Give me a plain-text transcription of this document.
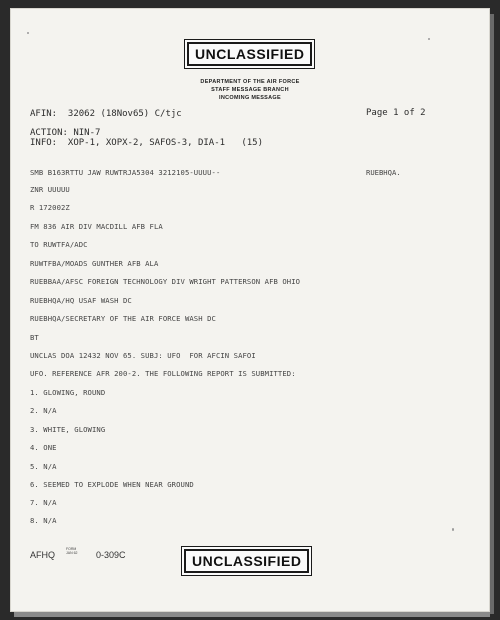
UNCLASSIFIED
DEPARTMENT OF THE AIR FORCE
STAFF MESSAGE BRANCH
INCOMING MESSAGE
AFIN:  32062 (18Nov65) C/tjc	Page 1 of 2
ACTION: NIN-7
INFO:  XOP-1, XOPX-2, SAFOS-3, DIA-1   (15)
RUEBHQA.
SMB B163RTTU JAW RUWTRJA5304 3212105-UUUU--
ZNR UUUUU
R 172002Z
FM 836 AIR DIV MACDILL AFB FLA
TO RUWTFA/ADC
RUWTFBA/MOADS GUNTHER AFB ALA
RUEBBAA/AFSC FOREIGN TECHNOLOGY DIV WRIGHT PATTERSON AFB OHIO
RUEBHQA/HQ USAF WASH DC
RUEBHQA/SECRETARY OF THE AIR FORCE WASH DC
BT
UNCLAS DOA 12432 NOV 65. SUBJ: UFO  FOR AFCIN SAFOI
UFO. REFERENCE AFR 200-2. THE FOLLOWING REPORT IS SUBMITTED:
1. GLOWING, ROUND
2. N/A
3. WHITE, GLOWING
4. ONE
5. N/A
6. SEEMED TO EXPLODE WHEN NEAR GROUND
7. N/A
8. N/A
AFHQ
FORM
JAN 62 0-309C	UNCLASSIFIED
